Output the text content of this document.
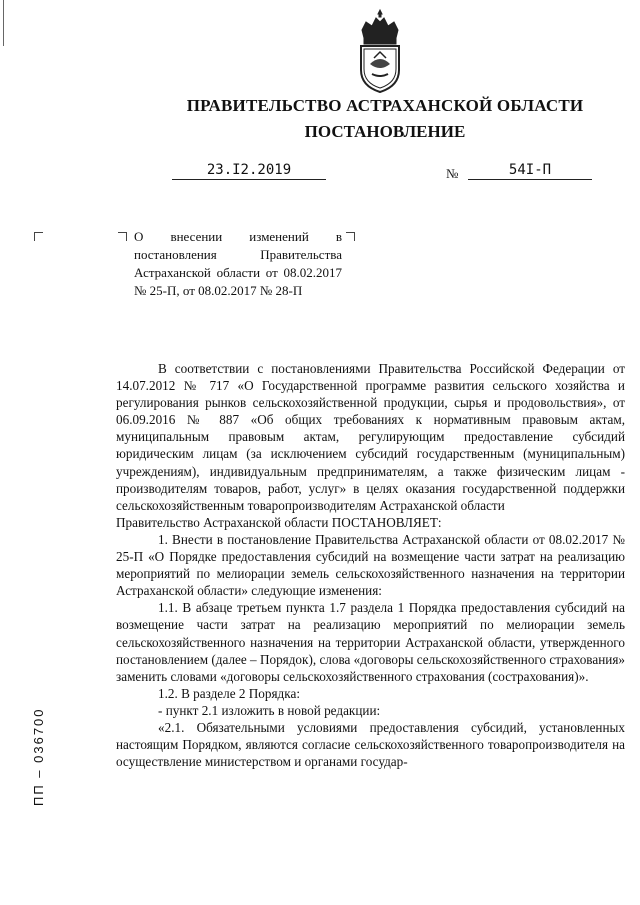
ПРАВИТЕЛЬСТВО АСТРАХАНСКОЙ ОБЛАСТИ
ПОСТАНОВЛЕНИЕ
23.I2.2019	№	54I-П

О внесении изменений в постановления Правительства Астраханской области от 08.02.2017 № 25-П, от 08.02.2017 № 28-П

В соответствии с постановлениями Правительства Российской Федерации от 14.07.2012 № 717 «О Государственной программе развития сельского хозяйства и регулирования рынков сельскохозяйственной продукции, сырья и продовольствия», от 06.09.2016 № 887 «Об общих требованиях к нормативным правовым актам, муниципальным правовым актам, регулирующим предоставление субсидий юридическим лицам (за исключением субсидий государственным (муниципальным) учреждениям), индивидуальным предпринимателям, а также физическим лицам - производителям товаров, работ, услуг» в целях оказания государственной поддержки сельскохозяйственным товаропроизводителям Астраханской области

Правительство Астраханской области ПОСТАНОВЛЯЕТ:

1. Внести в постановление Правительства Астраханской области от 08.02.2017 № 25-П «О Порядке предоставления субсидий на возмещение части затрат на реализацию мероприятий по мелиорации земель сельскохозяйственного назначения на территории Астраханской области» следующие изменения:

1.1. В абзаце третьем пункта 1.7 раздела 1 Порядка предоставления субсидий на возмещение части затрат на реализацию мероприятий по мелиорации земель сельскохозяйственного назначения на территории Астраханской области, утвержденного постановлением (далее – Порядок), слова «договоры сельскохозяйственного страхования» заменить словами «договоры сельскохозяйственного страхования (сострахования)».

1.2. В разделе 2 Порядка:

- пункт 2.1 изложить в новой редакции:

«2.1. Обязательными условиями предоставления субсидий, установленных настоящим Порядком, являются согласие сельскохозяйственного товаропроизводителя на осуществление министерством и органами государ-

ПП – 036700
